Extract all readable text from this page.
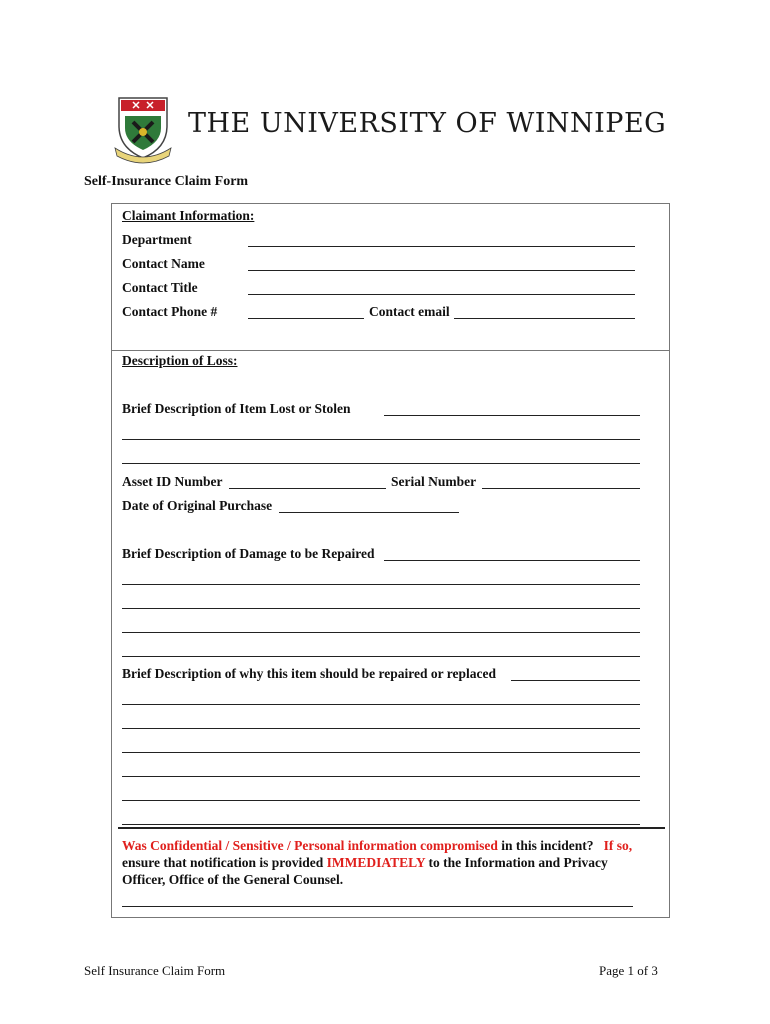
THE UNIVERSITY OF WINNIPEG
Self-Insurance Claim Form
Claimant Information:
Department
Contact Name
Contact Title
Contact Phone #	Contact email
Description of Loss:
Brief Description of Item Lost or Stolen
Asset ID Number	Serial Number
Date of Original Purchase
Brief Description of Damage to be Repaired
Brief Description of why this item should be repaired or replaced
Was Confidential / Sensitive / Personal information compromised in this incident? If so,
ensure that notification is provided IMMEDIATELY to the Information and Privacy
Officer, Office of the General Counsel.
Self Insurance Claim Form	Page 1 of 3
